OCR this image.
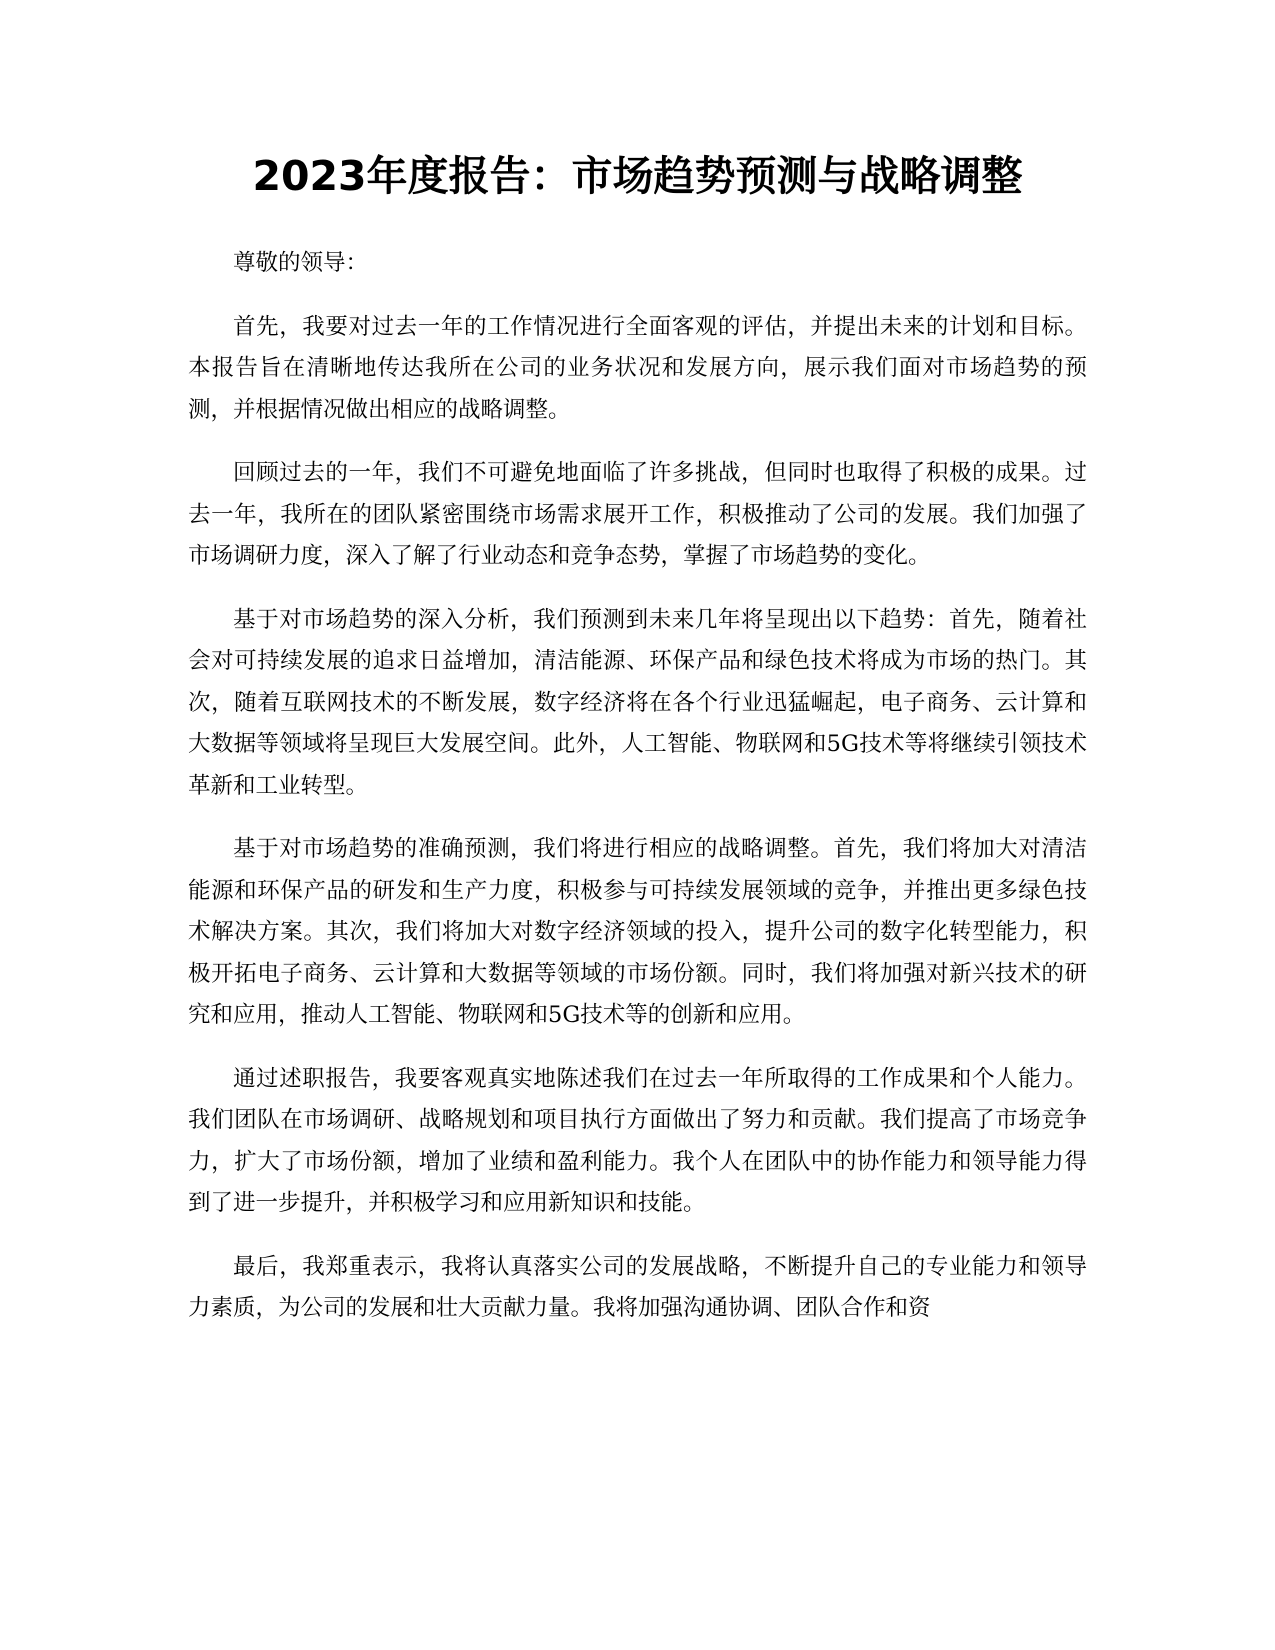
2023年度报告：市场趋势预测与战略调整

尊敬的领导：

首先，我要对过去一年的工作情况进行全面客观的评估，并提出未来的计划和目标。本报告旨在清晰地传达我所在公司的业务状况和发展方向，展示我们面对市场趋势的预测，并根据情况做出相应的战略调整。

回顾过去的一年，我们不可避免地面临了许多挑战，但同时也取得了积极的成果。过去一年，我所在的团队紧密围绕市场需求展开工作，积极推动了公司的发展。我们加强了市场调研力度，深入了解了行业动态和竞争态势，掌握了市场趋势的变化。

基于对市场趋势的深入分析，我们预测到未来几年将呈现出以下趋势：首先，随着社会对可持续发展的追求日益增加，清洁能源、环保产品和绿色技术将成为市场的热门。其次，随着互联网技术的不断发展，数字经济将在各个行业迅猛崛起，电子商务、云计算和大数据等领域将呈现巨大发展空间。此外，人工智能、物联网和5G技术等将继续引领技术革新和工业转型。

基于对市场趋势的准确预测，我们将进行相应的战略调整。首先，我们将加大对清洁能源和环保产品的研发和生产力度，积极参与可持续发展领域的竞争，并推出更多绿色技术解决方案。其次，我们将加大对数字经济领域的投入，提升公司的数字化转型能力，积极开拓电子商务、云计算和大数据等领域的市场份额。同时，我们将加强对新兴技术的研究和应用，推动人工智能、物联网和5G技术等的创新和应用。

通过述职报告，我要客观真实地陈述我们在过去一年所取得的工作成果和个人能力。我们团队在市场调研、战略规划和项目执行方面做出了努力和贡献。我们提高了市场竞争力，扩大了市场份额，增加了业绩和盈利能力。我个人在团队中的协作能力和领导能力得到了进一步提升，并积极学习和应用新知识和技能。

最后，我郑重表示，我将认真落实公司的发展战略，不断提升自己的专业能力和领导力素质，为公司的发展和壮大贡献力量。我将加强沟通协调、团队合作和资
